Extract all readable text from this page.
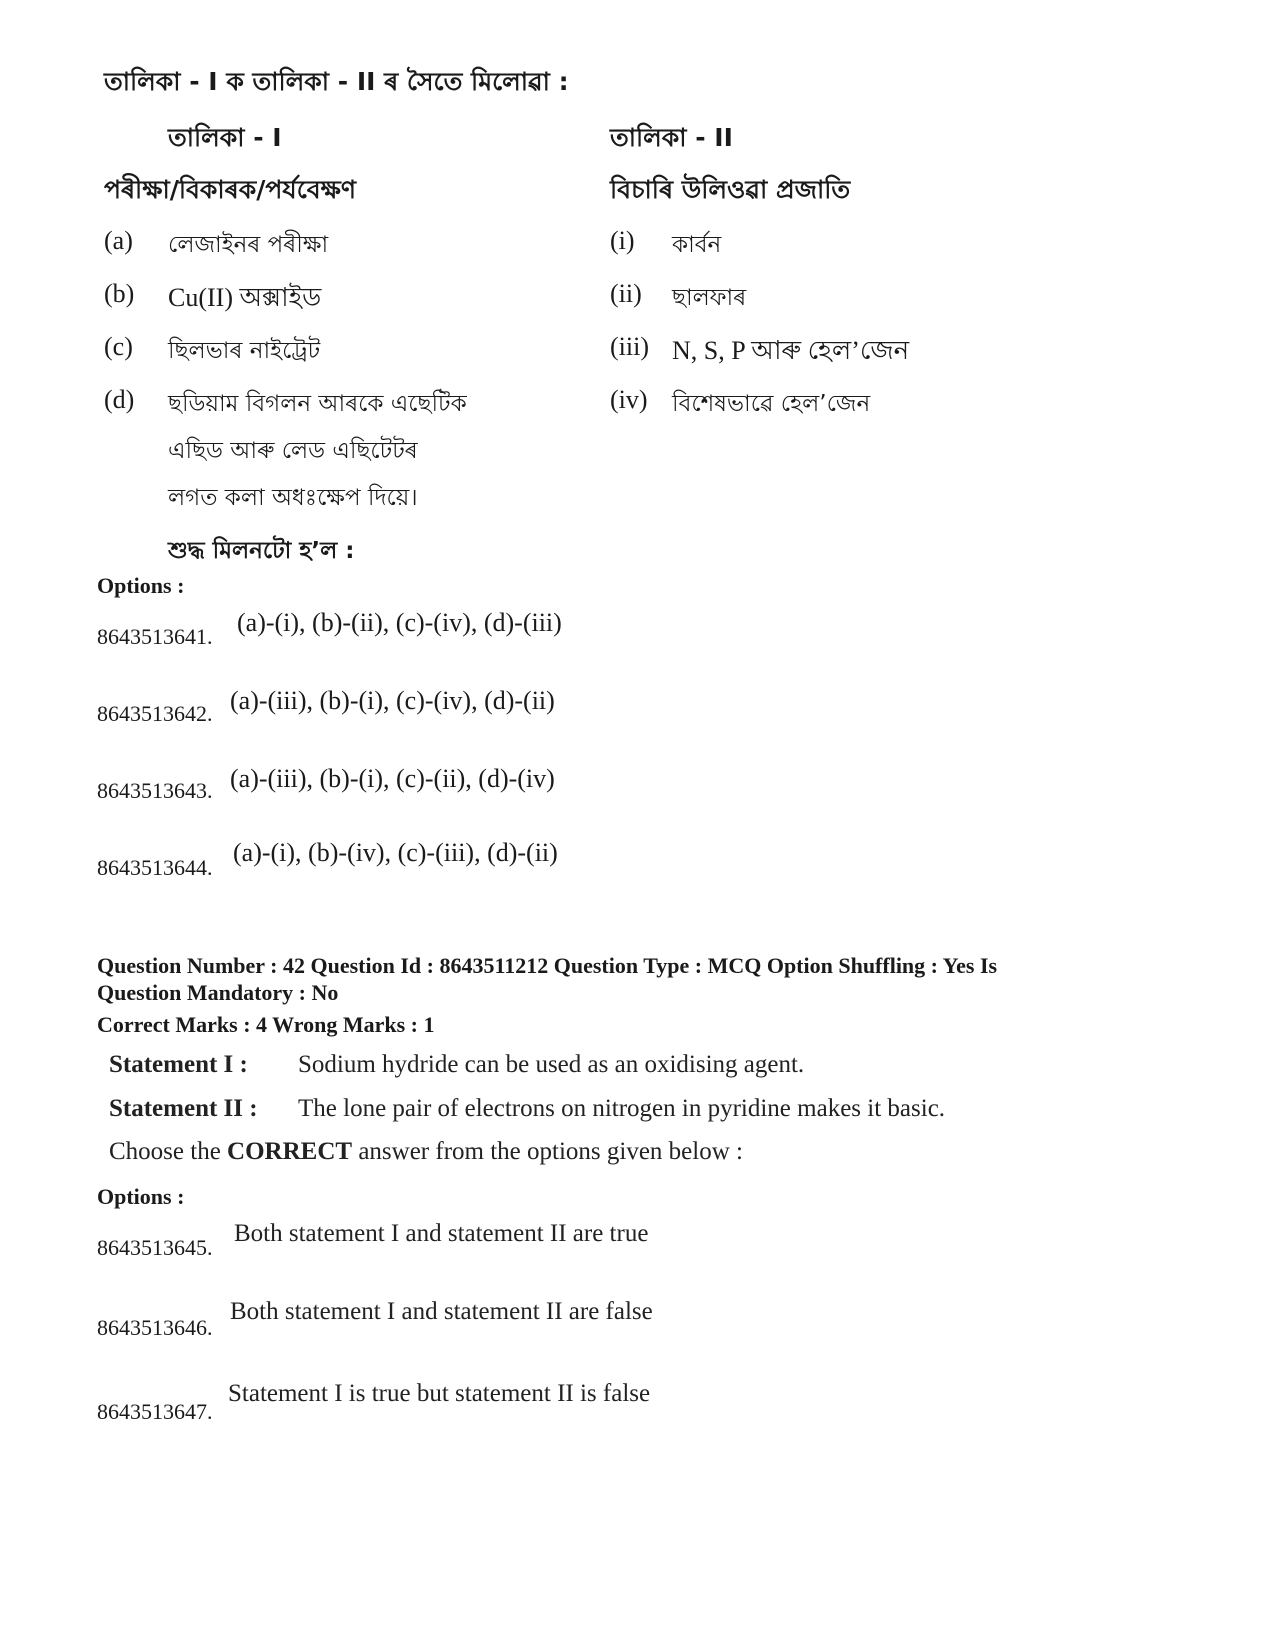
তালিকা - I ক তালিকা - II ৰ সৈতে মিলোৱা :
তালিকা - I	তালিকা - II
পৰীক্ষা/বিকাৰক/পৰ্যবেক্ষণ	বিচাৰি উলিওৱা প্ৰজাতি
(a) লেজাইনৰ পৰীক্ষা
(b) Cu(II) অক্সাইড
(c) ছিলভাৰ নাইট্ৰেট
(d) ছডিয়াম বিগলন আৰকে এছেটিক
এছিড আৰু লেড এছিটেটৰ
লগত কলা অধঃক্ষেপ দিয়ে।
(i) কাৰ্বন
(ii) ছালফাৰ
(iii) N, S, P আৰু হেল’জেন
(iv) বিশেষভাৱে হেল’জেন
শুদ্ধ মিলনটো হ’ল :
Options :
8643513641. (a)-(i), (b)-(ii), (c)-(iv), (d)-(iii)
8643513642. (a)-(iii), (b)-(i), (c)-(iv), (d)-(ii)
8643513643. (a)-(iii), (b)-(i), (c)-(ii), (d)-(iv)
8643513644.
(a)-(i), (b)-(iv), (c)-(iii), (d)-(ii)
Question Number : 42 Question Id : 8643511212 Question Type : MCQ Option Shuffling : Yes Is
Question Mandatory : No
Correct Marks : 4 Wrong Marks : 1
Statement I : Sodium hydride can be used as an oxidising agent.
Statement II : The lone pair of electrons on nitrogen in pyridine makes it basic.
Choose the CORRECT answer from the options given below :
Options :
8643513645.
Both statement I and statement II are true
8643513646.
Both statement I and statement II are false
8643513647.
Statement I is true but statement II is false
